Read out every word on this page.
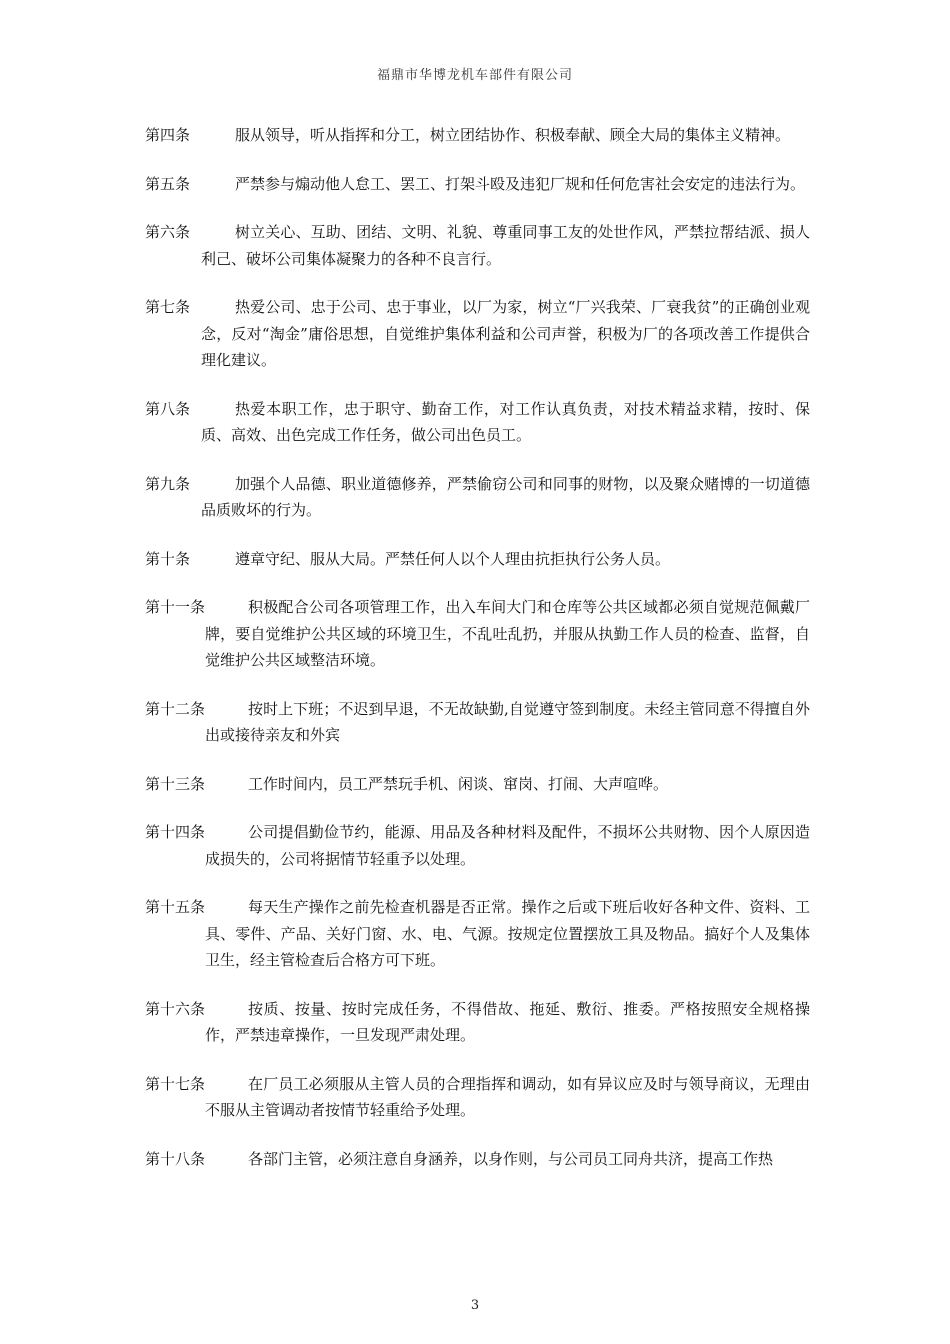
福鼎市华博龙机车部件有限公司
第四条	服从领导，听从指挥和分工，树立团结协作、积极奉献、顾全大局的集体主义精神。
第五条	严禁参与煽动他人怠工、罢工、打架斗殴及违犯厂规和任何危害社会安定的违法行为。
第六条	树立关心、互助、团结、文明、礼貌、尊重同事工友的处世作风，严禁拉帮结派、损人利己、破坏公司集体凝聚力的各种不良言行。
第七条	热爱公司、忠于公司、忠于事业，以厂为家，树立“厂兴我荣、厂衰我贫”的正确创业观念，反对“淘金”庸俗思想，自觉维护集体利益和公司声誉，积极为厂的各项改善工作提供合理化建议。
第八条	热爱本职工作，忠于职守、勤奋工作，对工作认真负责，对技术精益求精，按时、保质、高效、出色完成工作任务，做公司出色员工。
第九条	加强个人品德、职业道德修养，严禁偷窃公司和同事的财物，以及聚众赌博的一切道德品质败坏的行为。
第十条	遵章守纪、服从大局。严禁任何人以个人理由抗拒执行公务人员。
第十一条	积极配合公司各项管理工作，出入车间大门和仓库等公共区域都必须自觉规范佩戴厂牌，要自觉维护公共区域的环境卫生，不乱吐乱扔，并服从执勤工作人员的检查、监督，自觉维护公共区域整洁环境。
第十二条	按时上下班；不迟到早退，不无故缺勤,自觉遵守签到制度。未经主管同意不得擅自外出或接待亲友和外宾
第十三条	工作时间内，员工严禁玩手机、闲谈、窜岗、打闹、大声喧哗。
第十四条	公司提倡勤俭节约，能源、用品及各种材料及配件，不损坏公共财物、因个人原因造成损失的，公司将据情节轻重予以处理。
第十五条	每天生产操作之前先检查机器是否正常。操作之后或下班后收好各种文件、资料、工具、零件、产品、关好门窗、水、电、气源。按规定位置摆放工具及物品。搞好个人及集体卫生，经主管检查后合格方可下班。
第十六条	按质、按量、按时完成任务，不得借故、拖延、敷衍、推委。严格按照安全规格操作，严禁违章操作，一旦发现严肃处理。
第十七条	在厂员工必须服从主管人员的合理指挥和调动，如有异议应及时与领导商议，无理由不服从主管调动者按情节轻重给予处理。
第十八条	各部门主管，必须注意自身涵养，以身作则，与公司员工同舟共济，提高工作热
3
